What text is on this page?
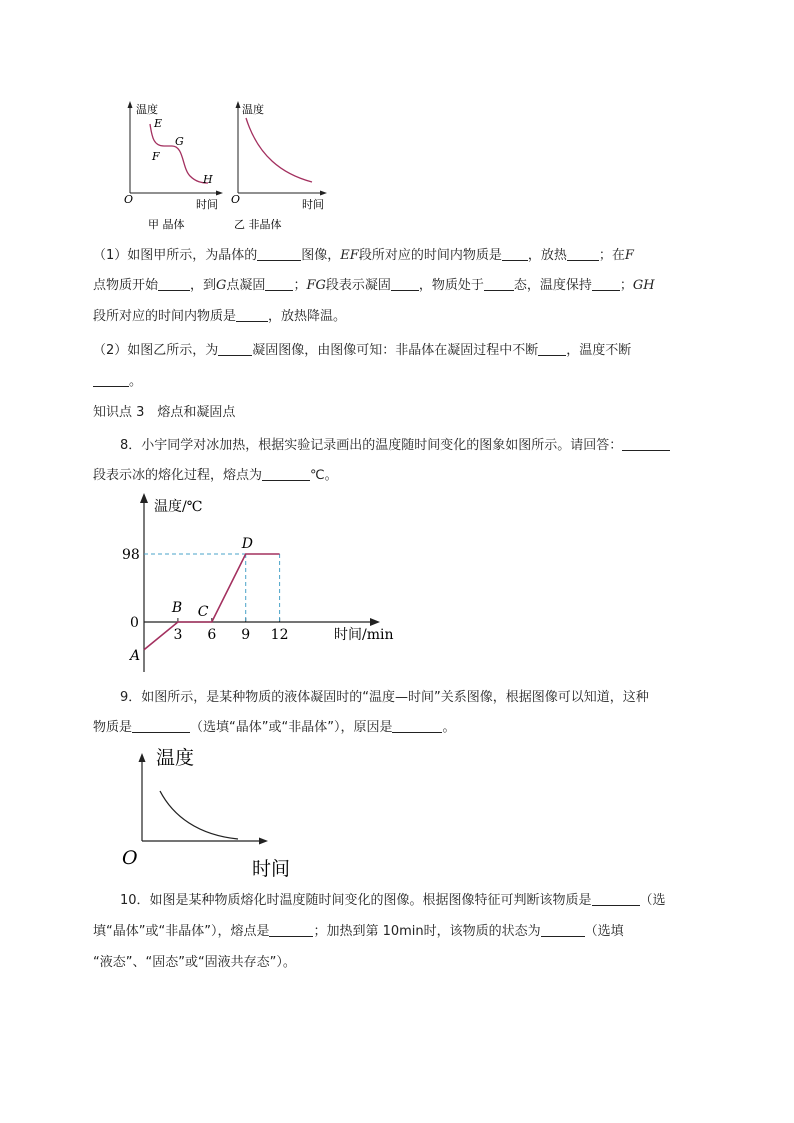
温度
时间
O
E
F
G
H
甲 晶体
温度
时间
O
乙 非晶体
（1）如图甲所示，为晶体的	图像，EF段所对应的时间内物质是 ，放热 ；在F
点物质开始 ，到G点凝固 ；FG段表示凝固 ，物质处于 态，温度保持 ；GH
段所对应的时间内物质是 ，放热降温。
（2）如图乙所示，为	凝固图像，由图像可知：非晶体在凝固过程中不断 ，温度不断
。
知识点 3　熔点和凝固点
8．小宇同学对冰加热，根据实验记录画出的温度随时间变化的图象如图所示。请回答：
段表示冰的熔化过程，熔点为	℃。
温度/℃
时间/min
0
3 6 9 12
98
A
B C
D
9．如图所示，是某种物质的液体凝固时的“温度—时间”关系图像，根据图像可以知道，这种
物质是	（选填“晶体”或“非晶体”），原因是	。
温度
时间
O
10．如图是某种物质熔化时温度随时间变化的图像。根据图像特征可判断该物质是	（选
填“晶体”或“非晶体”），熔点是	；加热到第 10min时，该物质的状态为	（选填
“液态”、“固态”或“固液共存态”）。
